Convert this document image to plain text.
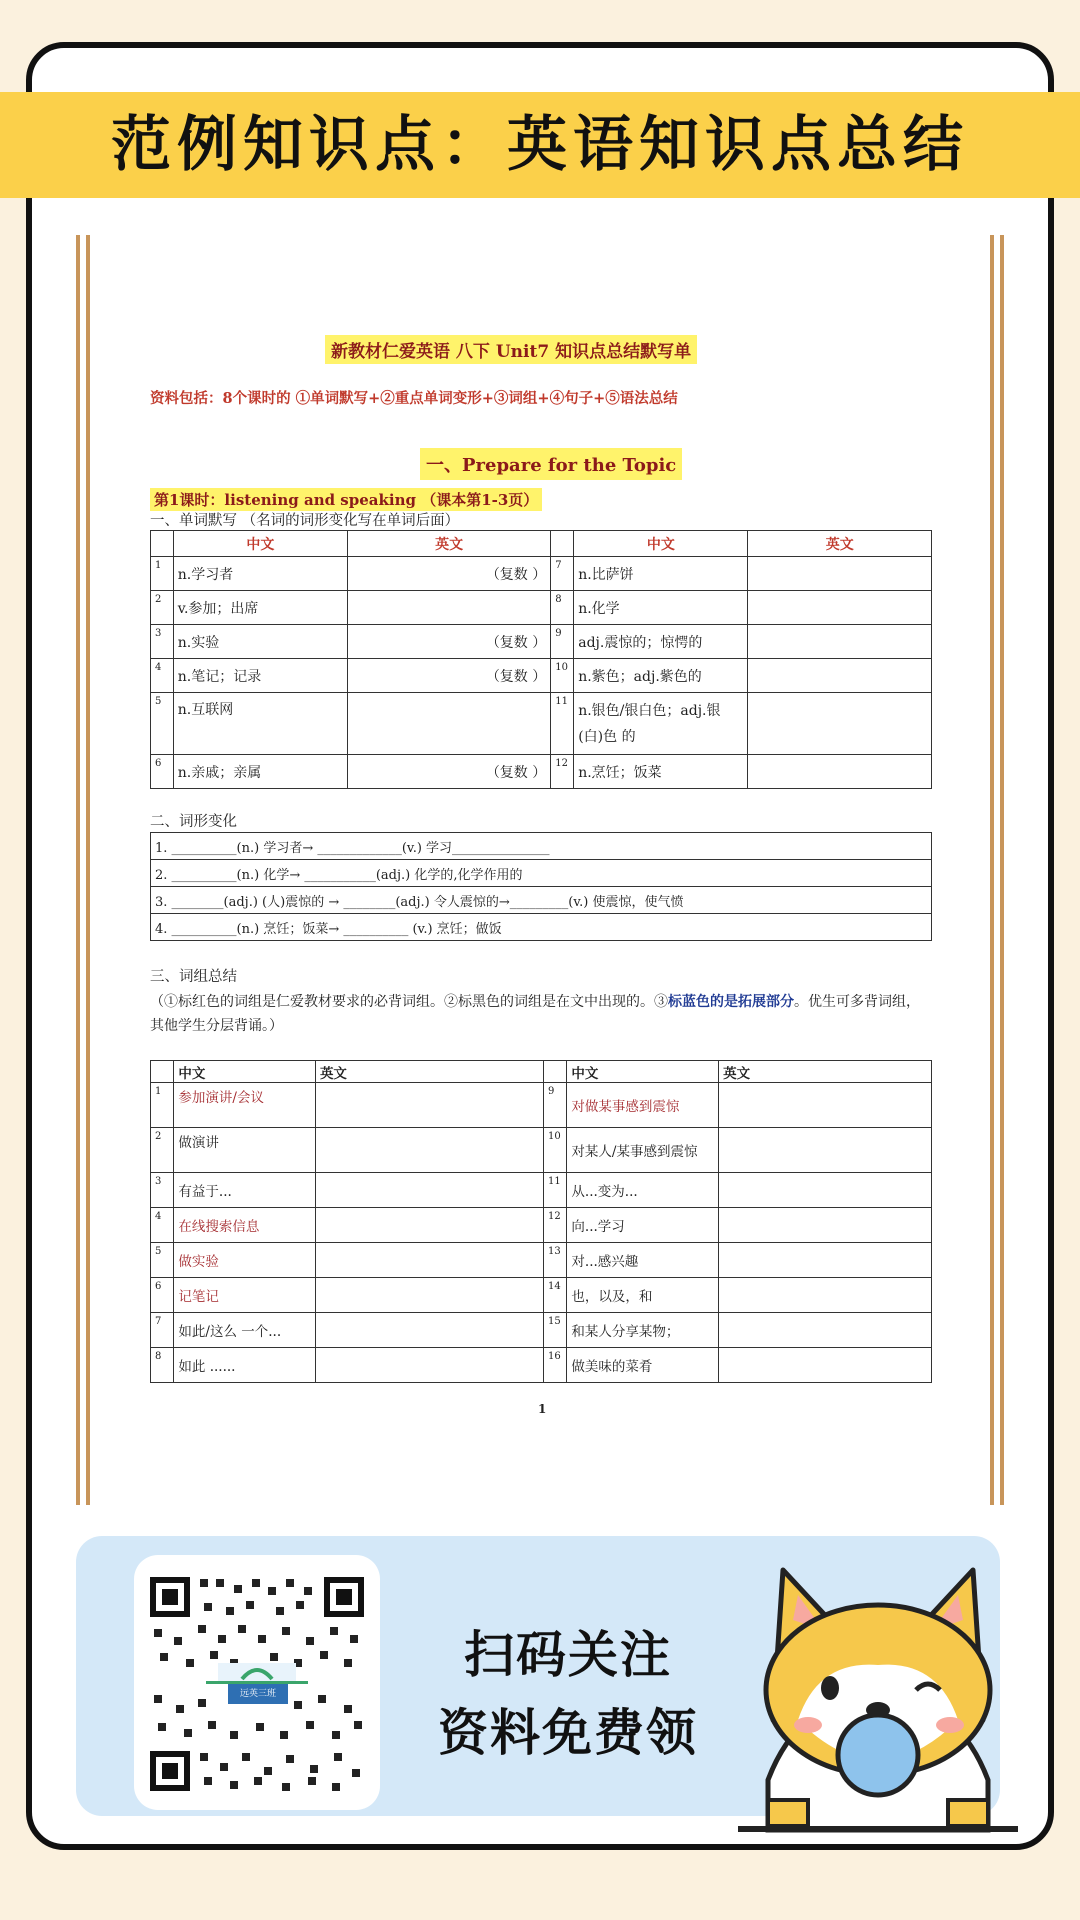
范例知识点：英语知识点总结
新教材仁爱英语 八下 Unit7 知识点总结默写单
资料包括：8个课时的 ①单词默写+②重点单词变形+③词组+④句子+⑤语法总结
一、Prepare for the Topic
第1课时：listening and speaking （课本第1-3页）
一、单词默写 （名词的词形变化写在单词后面）
	中文	英文		中文	英文
1	n.学习者	（复数 ）	7	n.比萨饼	
2	v.参加；出席		8	n.化学	
3	n.实验	（复数 ）	9	adj.震惊的；惊愕的	
4	n.笔记；记录	（复数 ）	10	n.紫色；adj.紫色的	
5	n.互联网		11	n.银色/银白色；adj.银(白)色 的	
6	n.亲戚；亲属	（复数 ）	12	n.烹饪；饭菜	
二、词形变化
1. __________(n.) 学习者→ _____________(v.) 学习_______________
2. __________(n.) 化学→ ___________(adj.) 化学的,化学作用的
3. ________(adj.) (人)震惊的 → ________(adj.) 令人震惊的→_________(v.) 使震惊，使气愤
4. __________(n.) 烹饪；饭菜→ __________ (v.) 烹饪；做饭
三、词组总结
（①标红色的词组是仁爱教材要求的必背词组。②标黑色的词组是在文中出现的。③标蓝色的是拓展部分。优生可多背词组，其他学生分层背诵。）
	中文	英文		中文	英文
1	参加演讲/会议		9	对做某事感到震惊	
2	做演讲		10	对某人/某事感到震惊	
3	有益于...		11	从...变为...	
4	在线搜索信息		12	向...学习	
5	做实验		13	对...感兴趣	
6	记笔记		14	也，以及，和	
7	如此/这么 一个...		15	和某人分享某物；	
8	如此 ......		16	做美味的菜肴	
1
远英三班
扫码关注
资料免费领
